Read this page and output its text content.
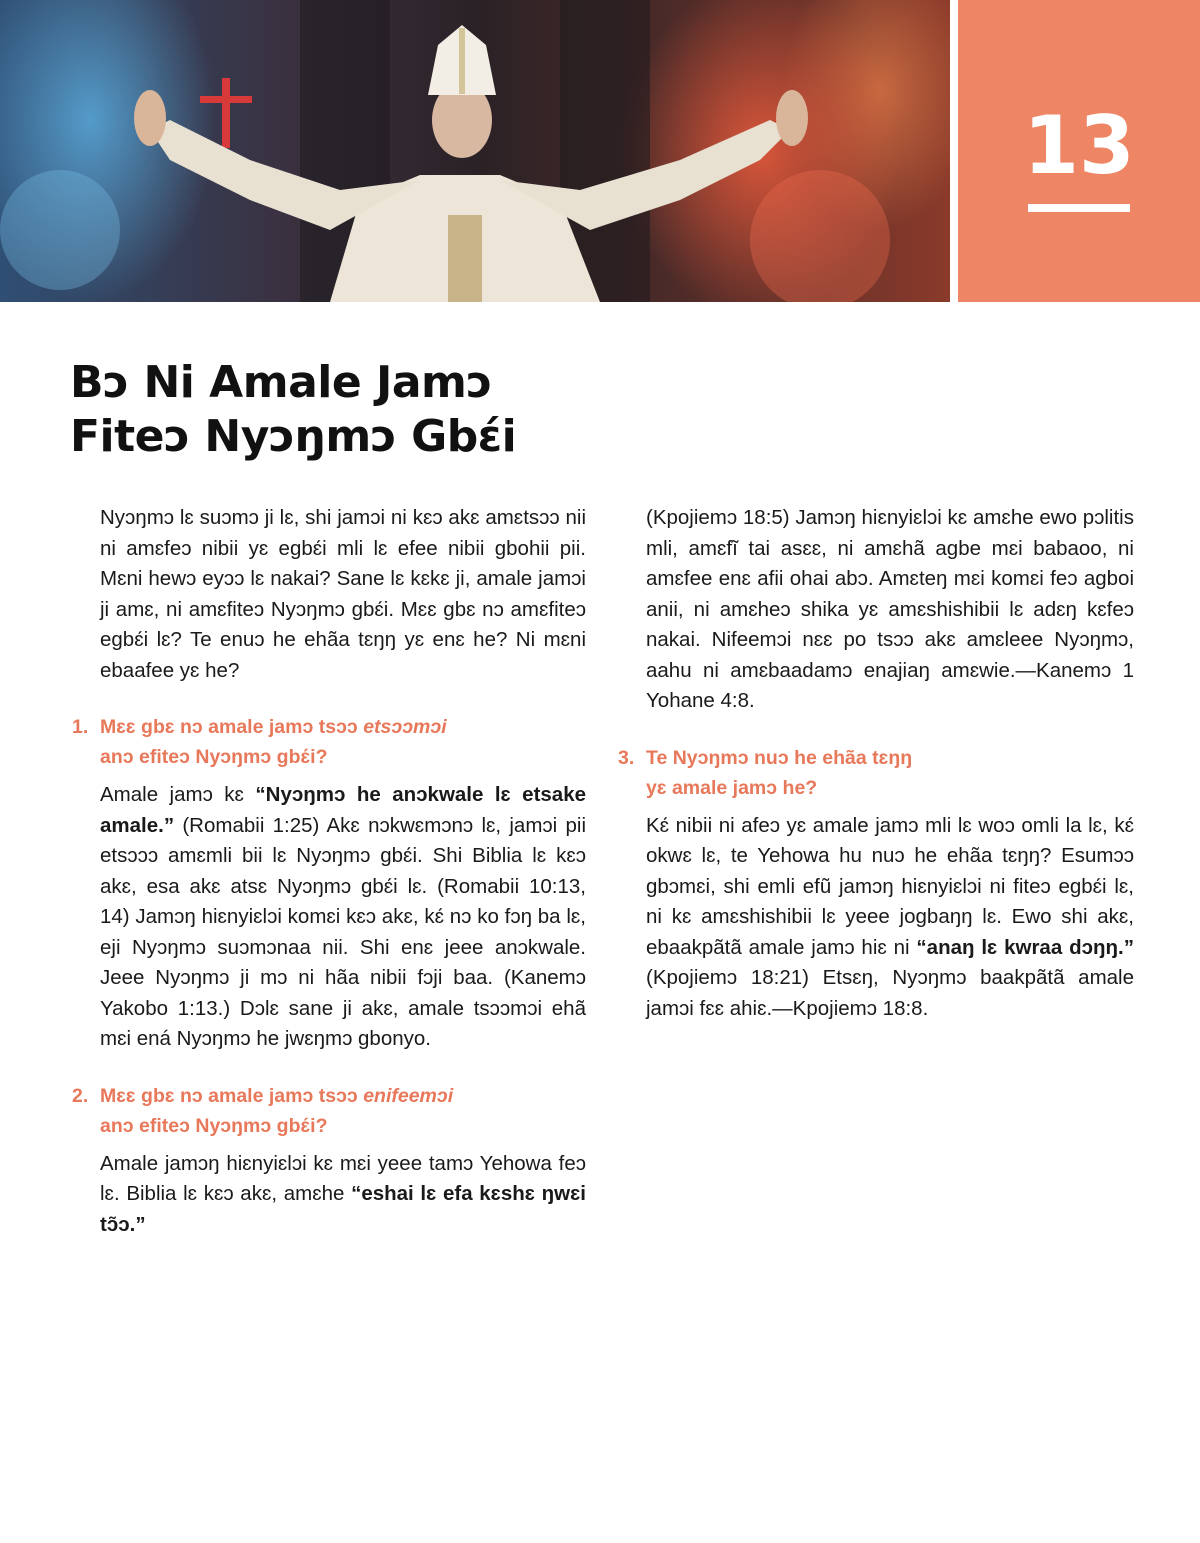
13
Bɔ Ni Amale Jamɔ
Fiteɔ Nyɔŋmɔ Gbɛ́i

Nyɔŋmɔ lɛ suɔmɔ ji lɛ, shi jamɔi ni kɛɔ akɛ amɛtsɔɔ nii ni amɛfeɔ nibii yɛ egbɛ́i mli lɛ efee nibii gbohii pii. Mɛni hewɔ eyɔɔ lɛ nakai? Sane lɛ kɛkɛ ji, amale jamɔi ji amɛ, ni amɛfiteɔ Nyɔŋmɔ gbɛ́i. Mɛɛ gbɛ nɔ amɛfiteɔ egbɛ́i lɛ? Te enuɔ he ehãa tɛŋŋ yɛ enɛ he? Ni mɛni ebaafee yɛ he?

1. Mɛɛ gbɛ nɔ amale jamɔ tsɔɔ etsɔɔmɔi
anɔ efiteɔ Nyɔŋmɔ gbɛ́i?

Amale jamɔ kɛ “Nyɔŋmɔ he anɔkwale lɛ etsake amale.” (Romabii 1:25) Akɛ nɔkwɛmɔnɔ lɛ, jamɔi pii etsɔɔɔ amɛmli bii lɛ Nyɔŋmɔ gbɛ́i. Shi Biblia lɛ kɛɔ akɛ, esa akɛ atsɛ Nyɔŋmɔ gbɛ́i lɛ. (Romabii 10:13, 14) Jamɔŋ hiɛnyiɛlɔi komɛi kɛɔ akɛ, kɛ́ nɔ ko fɔŋ ba lɛ, eji Nyɔŋmɔ suɔmɔnaa nii. Shi enɛ jeee anɔkwale. Jeee Nyɔŋmɔ ji mɔ ni hãa nibii fɔji baa. (Kanemɔ Yakobo 1:13.) Dɔlɛ sane ji akɛ, amale tsɔɔmɔi ehã mɛi ená Nyɔŋmɔ he jwɛŋmɔ gbonyo.

2. Mɛɛ gbɛ nɔ amale jamɔ tsɔɔ enifeemɔi
anɔ efiteɔ Nyɔŋmɔ gbɛ́i?

Amale jamɔŋ hiɛnyiɛlɔi kɛ mɛi yeee tamɔ Yehowa feɔ lɛ. Biblia lɛ kɛɔ akɛ, amɛhe “eshai lɛ efa kɛshɛ ŋwɛi tɔ̃ɔ.”

(Kpojiemɔ 18:5) Jamɔŋ hiɛnyiɛlɔi kɛ amɛhe ewo pɔlitis mli, amɛfĩ tai asɛɛ, ni amɛhã agbe mɛi babaoo, ni amɛfee enɛ afii ohai abɔ. Amɛteŋ mɛi komɛi feɔ agboi anii, ni amɛheɔ shika yɛ amɛshishibii lɛ adɛŋ kɛfeɔ nakai. Nifeemɔi nɛɛ po tsɔɔ akɛ amɛleee Nyɔŋmɔ, aahu ni amɛbaadamɔ enajiaŋ amɛwie.—Kanemɔ 1 Yohane 4:8.

3. Te Nyɔŋmɔ nuɔ he ehãa tɛŋŋ
yɛ amale jamɔ he?

Kɛ́ nibii ni afeɔ yɛ amale jamɔ mli lɛ woɔ omli la lɛ, kɛ́ okwɛ lɛ, te Yehowa hu nuɔ he ehãa tɛŋŋ? Esumɔɔ gbɔmɛi, shi emli efũ jamɔŋ hiɛnyiɛlɔi ni fiteɔ egbɛ́i lɛ, ni kɛ amɛshishibii lɛ yeee jogbaŋŋ lɛ. Ewo shi akɛ, ebaakpãtã amale jamɔ hiɛ ni “anaŋ lɛ kwraa dɔŋŋ.” (Kpojiemɔ 18:21) Etsɛŋ, Nyɔŋmɔ baakpãtã amale jamɔi fɛɛ ahiɛ.—Kpojiemɔ 18:8.
